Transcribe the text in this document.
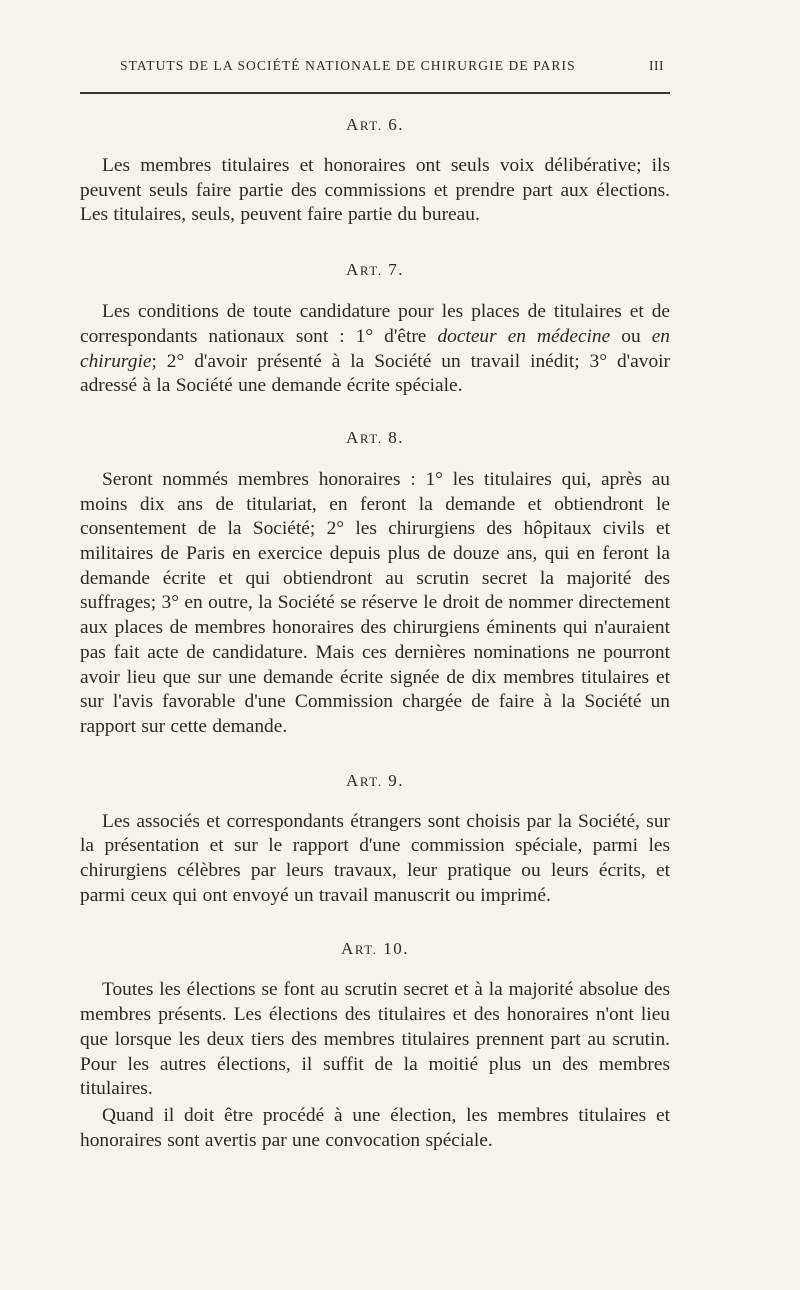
STATUTS DE LA SOCIÉTÉ NATIONALE DE CHIRURGIE DE PARIS	III

ART. 6.

Les membres titulaires et honoraires ont seuls voix délibérative; ils peuvent seuls faire partie des commissions et prendre part aux élections. Les titulaires, seuls, peuvent faire partie du bureau.

ART. 7.

Les conditions de toute candidature pour les places de titulaires et de correspondants nationaux sont : 1° d'être docteur en médecine ou en chirurgie; 2° d'avoir présenté à la Société un travail inédit; 3° d'avoir adressé à la Société une demande écrite spéciale.

ART. 8.

Seront nommés membres honoraires : 1° les titulaires qui, après au moins dix ans de titulariat, en feront la demande et obtiendront le consentement de la Société; 2° les chirurgiens des hôpitaux civils et militaires de Paris en exercice depuis plus de douze ans, qui en feront la demande écrite et qui obtiendront au scrutin secret la majorité des suffrages; 3° en outre, la Société se réserve le droit de nommer directement aux places de membres honoraires des chirurgiens éminents qui n'auraient pas fait acte de candidature. Mais ces dernières nominations ne pourront avoir lieu que sur une demande écrite signée de dix membres titulaires et sur l'avis favorable d'une Commission chargée de faire à la Société un rapport sur cette demande.

ART. 9.

Les associés et correspondants étrangers sont choisis par la Société, sur la présentation et sur le rapport d'une commission spéciale, parmi les chirurgiens célèbres par leurs travaux, leur pratique ou leurs écrits, et parmi ceux qui ont envoyé un travail manuscrit ou imprimé.

ART. 10.

Toutes les élections se font au scrutin secret et à la majorité absolue des membres présents. Les élections des titulaires et des honoraires n'ont lieu que lorsque les deux tiers des membres titulaires prennent part au scrutin. Pour les autres élections, il suffit de la moitié plus un des membres titulaires.

Quand il doit être procédé à une élection, les membres titulaires et honoraires sont avertis par une convocation spéciale.
